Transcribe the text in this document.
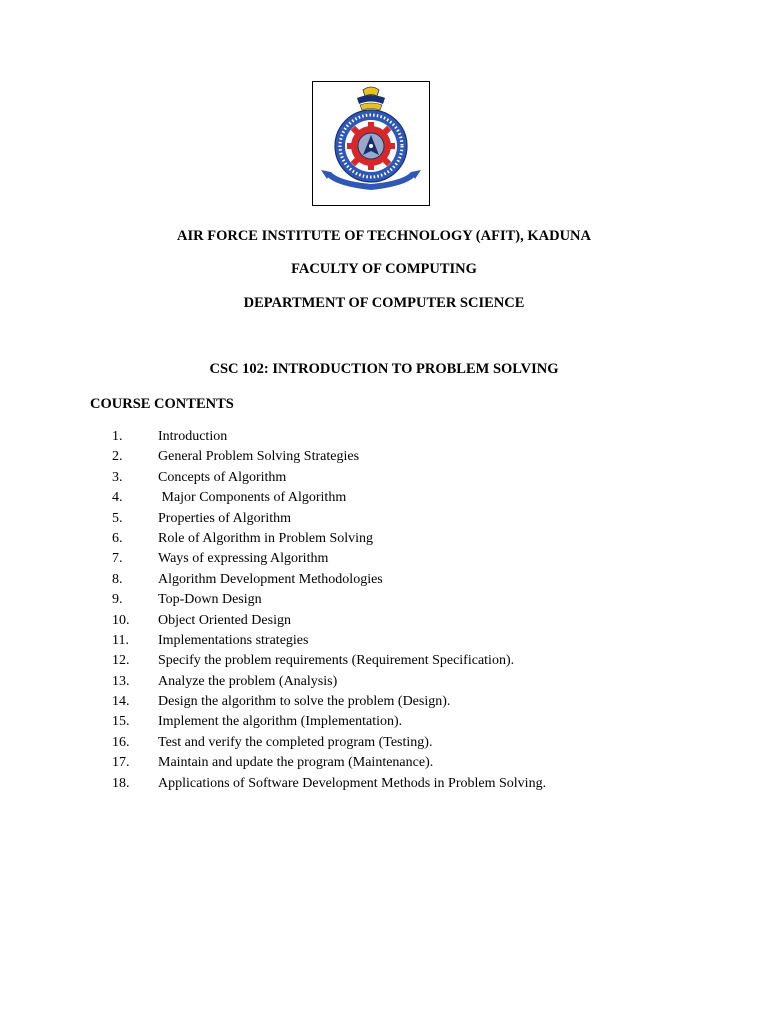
AIR FORCE INSTITUTE OF TECHNOLOGY (AFIT), KADUNA

FACULTY OF COMPUTING

DEPARTMENT OF COMPUTER SCIENCE

CSC 102: INTRODUCTION TO PROBLEM SOLVING

COURSE CONTENTS

1.	Introduction
2.	General Problem Solving Strategies
3.	Concepts of Algorithm
4.	Major Components of Algorithm
5.	Properties of Algorithm
6.	Role of Algorithm in Problem Solving
7.	Ways of expressing Algorithm
8.	Algorithm Development Methodologies
9.	Top-Down Design
10. Object Oriented Design
11. Implementations strategies
12. Specify the problem requirements (Requirement Specification).
13. Analyze the problem (Analysis)
14. Design the algorithm to solve the problem (Design).
15. Implement the algorithm (Implementation).
16. Test and verify the completed program (Testing).
17. Maintain and update the program (Maintenance).
18. Applications of Software Development Methods in Problem Solving.
